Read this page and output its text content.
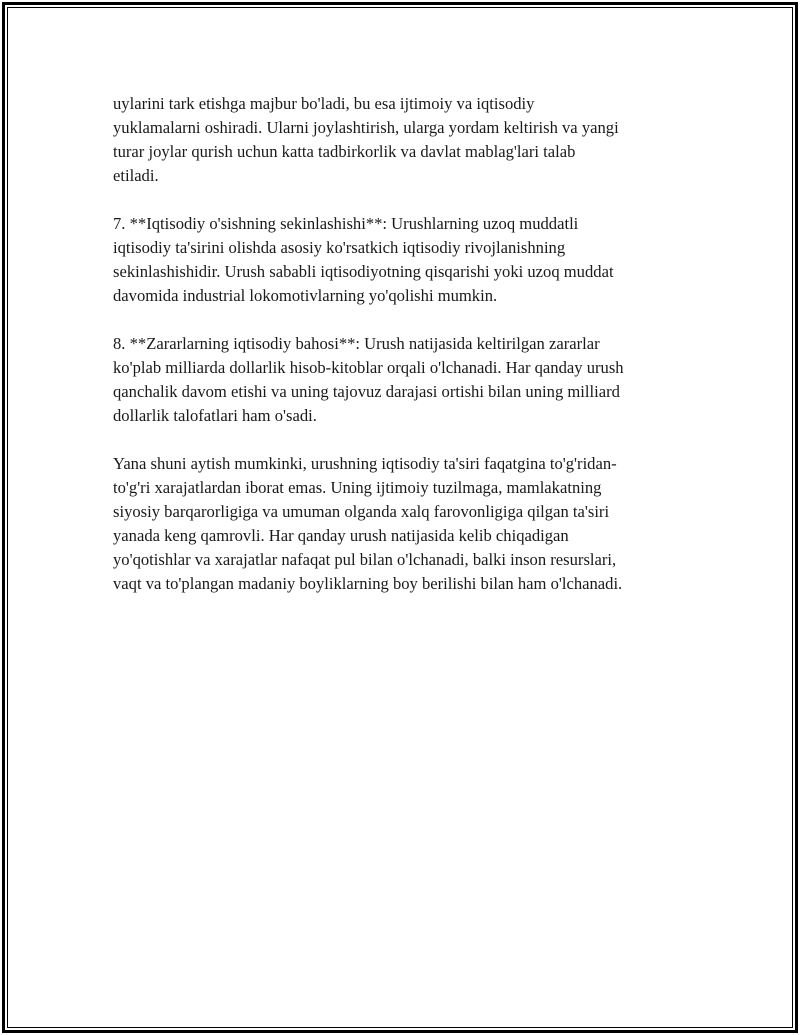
uylarini tark etishga majbur bo'ladi, bu esa ijtimoiy va iqtisodiy
yuklamalarni oshiradi. Ularni joylashtirish, ularga yordam keltirish va yangi
turar joylar qurish uchun katta tadbirkorlik va davlat mablag'lari talab
etiladi.

7. **Iqtisodiy o'sishning sekinlashishi**: Urushlarning uzoq muddatli
iqtisodiy ta'sirini olishda asosiy ko'rsatkich iqtisodiy rivojlanishning
sekinlashishidir. Urush sababli iqtisodiyotning qisqarishi yoki uzoq muddat
davomida industrial lokomotivlarning yo'qolishi mumkin.

8. **Zararlarning iqtisodiy bahosi**: Urush natijasida keltirilgan zararlar
ko'plab milliarda dollarlik hisob-kitoblar orqali o'lchanadi. Har qanday urush
qanchalik davom etishi va uning tajovuz darajasi ortishi bilan uning milliard
dollarlik talofatlari ham o'sadi.

Yana shuni aytish mumkinki, urushning iqtisodiy ta'siri faqatgina to'g'ridan-
to'g'ri xarajatlardan iborat emas. Uning ijtimoiy tuzilmaga, mamlakatning
siyosiy barqarorligiga va umuman olganda xalq farovonligiga qilgan ta'siri
yanada keng qamrovli. Har qanday urush natijasida kelib chiqadigan
yo'qotishlar va xarajatlar nafaqat pul bilan o'lchanadi, balki inson resurslari,
vaqt va to'plangan madaniy boyliklarning boy berilishi bilan ham o'lchanadi.
